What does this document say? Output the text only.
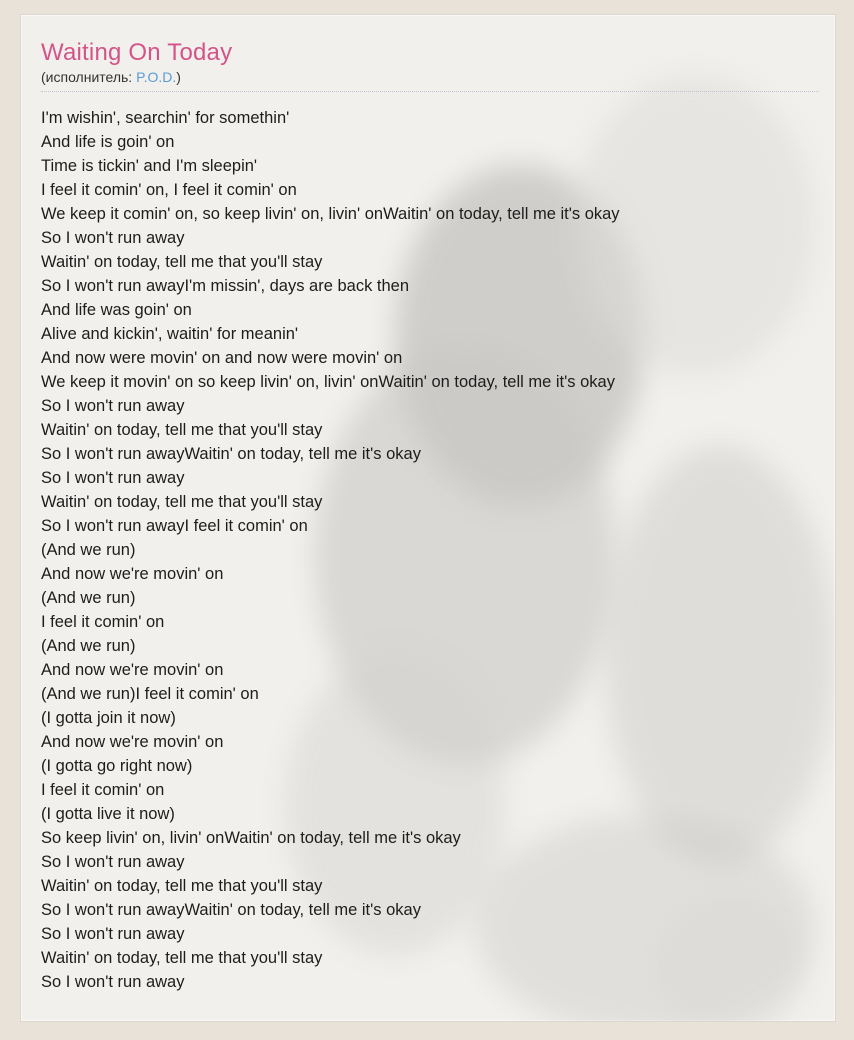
Waiting On Today
(исполнитель: P.O.D.)
I'm wishin', searchin' for somethin'
And life is goin' on
Time is tickin' and I'm sleepin'
I feel it comin' on, I feel it comin' on
We keep it comin' on, so keep livin' on, livin' onWaitin' on today, tell me it's okay
So I won't run away
Waitin' on today, tell me that you'll stay
So I won't run awayI'm missin', days are back then
And life was goin' on
Alive and kickin', waitin' for meanin'
And now were movin' on and now were movin' on
We keep it movin' on so keep livin' on, livin' onWaitin' on today, tell me it's okay
So I won't run away
Waitin' on today, tell me that you'll stay
So I won't run awayWaitin' on today, tell me it's okay
So I won't run away
Waitin' on today, tell me that you'll stay
So I won't run awayI feel it comin' on
(And we run)
And now we're movin' on
(And we run)
I feel it comin' on
(And we run)
And now we're movin' on
(And we run)I feel it comin' on
(I gotta join it now)
And now we're movin' on
(I gotta go right now)
I feel it comin' on
(I gotta live it now)
So keep livin' on, livin' onWaitin' on today, tell me it's okay
So I won't run away
Waitin' on today, tell me that you'll stay
So I won't run awayWaitin' on today, tell me it's okay
So I won't run away
Waitin' on today, tell me that you'll stay
So I won't run away
